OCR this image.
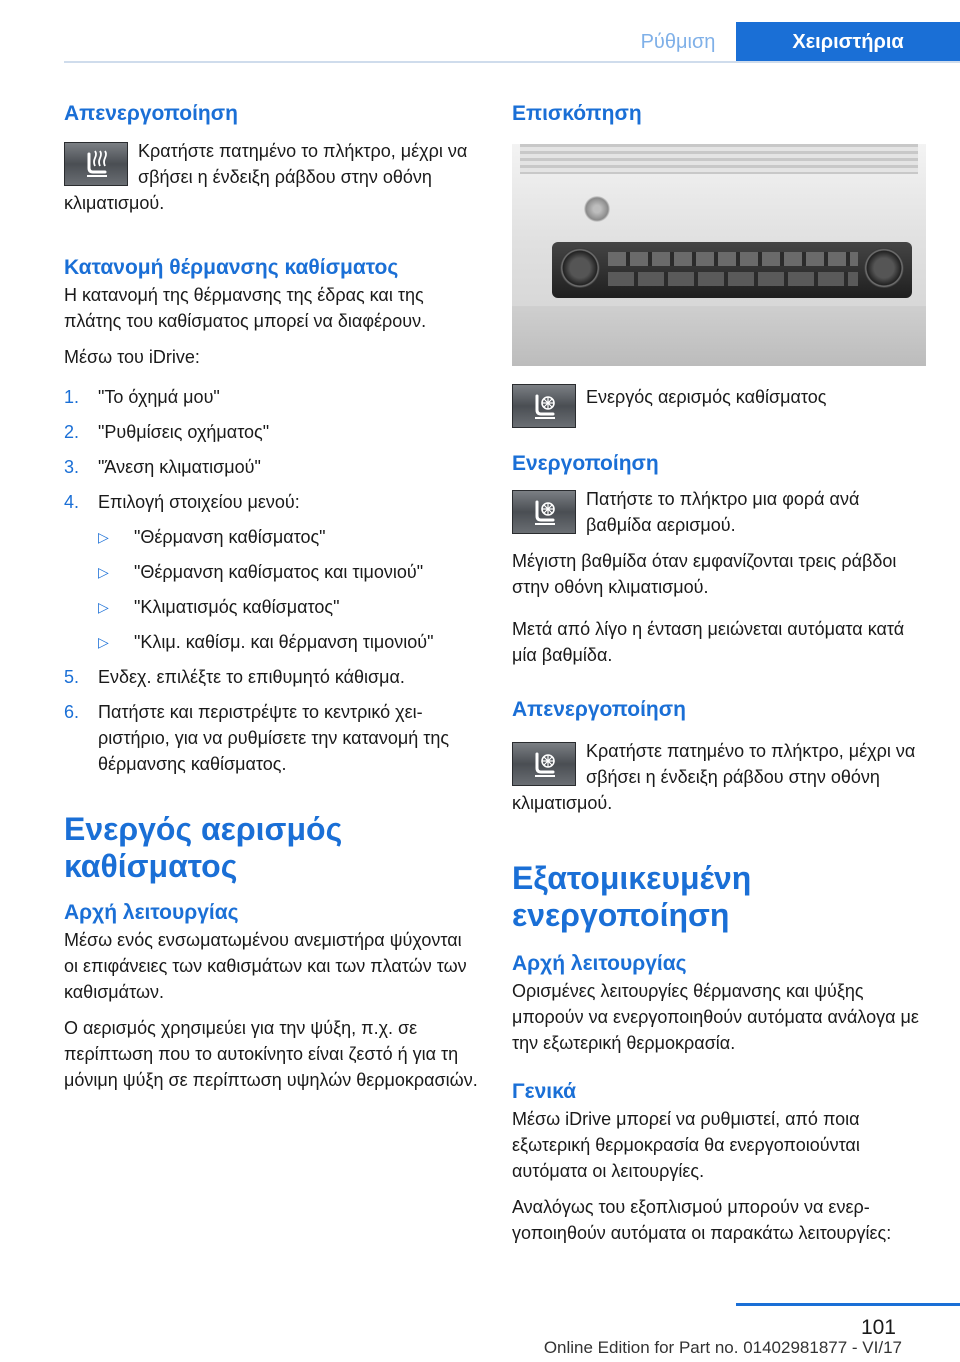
Ρύθμιση	Χειριστήρια
Απενεργοποίηση
Κρατήστε πατημένο το πλήκτρο, μέχρι να σβήσει η ένδειξη ράβδου στην οθόνη κλιματισμού.
Κατανομή θέρμανσης καθίσματος

Η κατανομή της θέρμανσης της έδρας και της πλάτης του καθίσματος μπορεί να διαφέρουν.

Μέσω του iDrive:

1. "Το όχημά μου"
2. "Ρυθμίσεις οχήματος"
3. "Άνεση κλιματισμού"
4. Επιλογή στοιχείου μενού:
▷ "Θέρμανση καθίσματος"
▷ "Θέρμανση καθίσματος και τιμονιού"
▷ "Κλιματισμός καθίσματος"
▷ "Κλιμ. καθίσμ. και θέρμανση τιμονιού"
5. Ενδεχ. επιλέξτε το επιθυμητό κάθισμα.
6. Πατήστε και περιστρέψτε το κεντρικό χειριστήριο, για να ρυθμίσετε την κατανομή της θέρμανσης καθίσματος.
Ενεργός αερισμός καθίσματος
Αρχή λειτουργίας

Μέσω ενός ενσωματωμένου ανεμιστήρα ψύχονται οι επιφάνειες των καθισμάτων και των πλατών των καθισμάτων.

Ο αερισμός χρησιμεύει για την ψύξη, π.χ. σε περίπτωση που το αυτοκίνητο είναι ζεστό ή για τη μόνιμη ψύξη σε περίπτωση υψηλών θερμοκρασιών.

Επισκόπηση
Ενεργός αερισμός καθίσματος
Ενεργοποίηση
Πατήστε το πλήκτρο μια φορά ανά βαθμίδα αερισμού.

Μέγιστη βαθμίδα όταν εμφανίζονται τρεις ράβδοι στην οθόνη κλιματισμού.

Μετά από λίγο η ένταση μειώνεται αυτόματα κατά μία βαθμίδα.

Απενεργοποίηση
Κρατήστε πατημένο το πλήκτρο, μέχρι να σβήσει η ένδειξη ράβδου στην οθόνη κλιματισμού.
Εξατομικευμένη ενεργοποίηση
Αρχή λειτουργίας

Ορισμένες λειτουργίες θέρμανσης και ψύξης μπορούν να ενεργοποιηθούν αυτόματα ανάλογα με την εξωτερική θερμοκρασία.

Γενικά

Μέσω iDrive μπορεί να ρυθμιστεί, από ποια εξωτερική θερμοκρασία θα ενεργοποιούνται αυτόματα οι λειτουργίες.

Αναλόγως του εξοπλισμού μπορούν να ενεργοποιηθούν αυτόματα οι παρακάτω λειτουργίες:

101
Online Edition for Part no. 01402981877 - VI/17
